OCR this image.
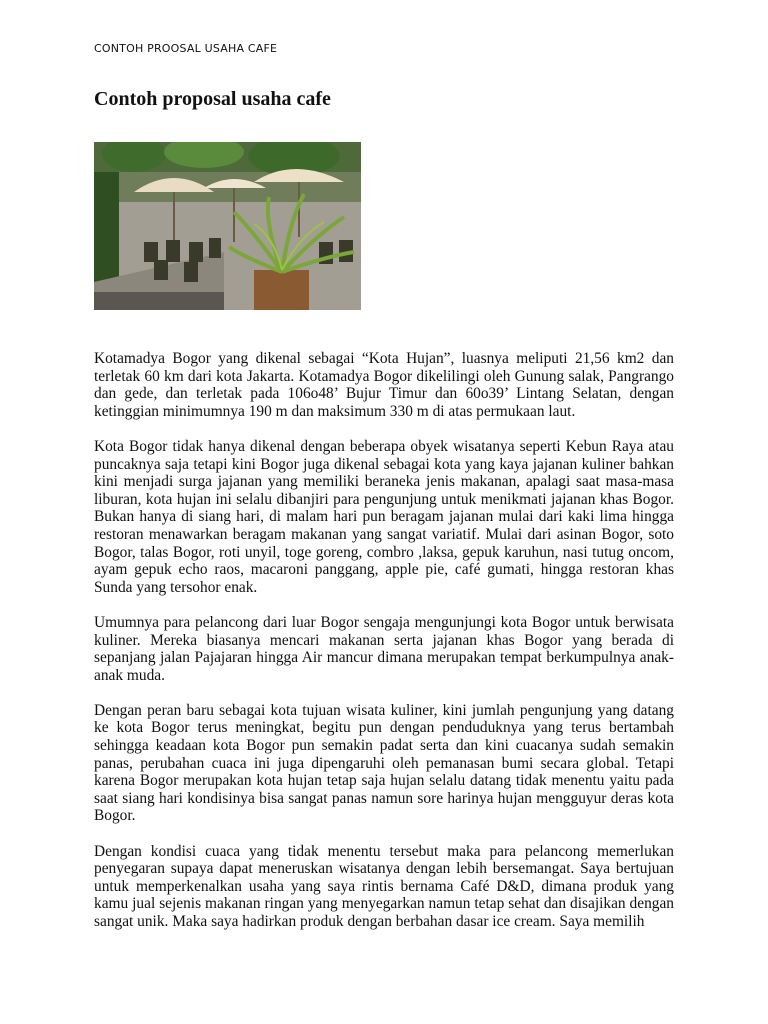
CONTOH PROOSAL USAHA CAFE
Contoh proposal usaha cafe

Kotamadya Bogor yang dikenal sebagai “Kota Hujan”, luasnya meliputi 21,56 km2 dan terletak 60 km dari kota Jakarta. Kotamadya Bogor dikelilingi oleh Gunung salak, Pangrango dan gede, dan terletak pada 106o48’ Bujur Timur dan 60o39’ Lintang Selatan, dengan ketinggian minimumnya 190 m dan maksimum 330 m di atas permukaan laut.

Kota Bogor tidak hanya dikenal dengan beberapa obyek wisatanya seperti Kebun Raya atau puncaknya saja tetapi kini Bogor juga dikenal sebagai kota yang kaya jajanan kuliner bahkan kini menjadi surga jajanan yang memiliki beraneka jenis makanan, apalagi saat masa-masa liburan, kota hujan ini selalu dibanjiri para pengunjung untuk menikmati jajanan khas Bogor. Bukan hanya di siang hari, di malam hari pun beragam jajanan mulai dari kaki lima hingga restoran menawarkan beragam makanan yang sangat variatif. Mulai dari asinan Bogor, soto Bogor, talas Bogor, roti unyil, toge goreng, combro ,laksa, gepuk karuhun, nasi tutug oncom, ayam gepuk echo raos, macaroni panggang, apple pie, café gumati, hingga restoran khas Sunda yang tersohor enak.

Umumnya para pelancong dari luar Bogor sengaja mengunjungi kota Bogor untuk berwisata kuliner. Mereka biasanya mencari makanan serta jajanan khas Bogor yang berada di sepanjang jalan Pajajaran hingga Air mancur dimana merupakan tempat berkumpulnya anak-anak muda.

Dengan peran baru sebagai kota tujuan wisata kuliner, kini jumlah pengunjung yang datang ke kota Bogor terus meningkat, begitu pun dengan penduduknya yang terus bertambah sehingga keadaan kota Bogor pun semakin padat serta dan kini cuacanya sudah semakin panas, perubahan cuaca ini juga dipengaruhi oleh pemanasan bumi secara global. Tetapi karena Bogor merupakan kota hujan tetap saja hujan selalu datang tidak menentu yaitu pada saat siang hari kondisinya bisa sangat panas namun sore harinya hujan mengguyur deras kota Bogor.

Dengan kondisi cuaca yang tidak menentu tersebut maka para pelancong memerlukan penyegaran supaya dapat meneruskan wisatanya dengan lebih bersemangat. Saya bertujuan untuk memperkenalkan usaha yang saya rintis bernama Café D&D, dimana produk yang kamu jual sejenis makanan ringan yang menyegarkan namun tetap sehat dan disajikan dengan sangat unik. Maka saya hadirkan produk dengan berbahan dasar ice cream. Saya memilih
